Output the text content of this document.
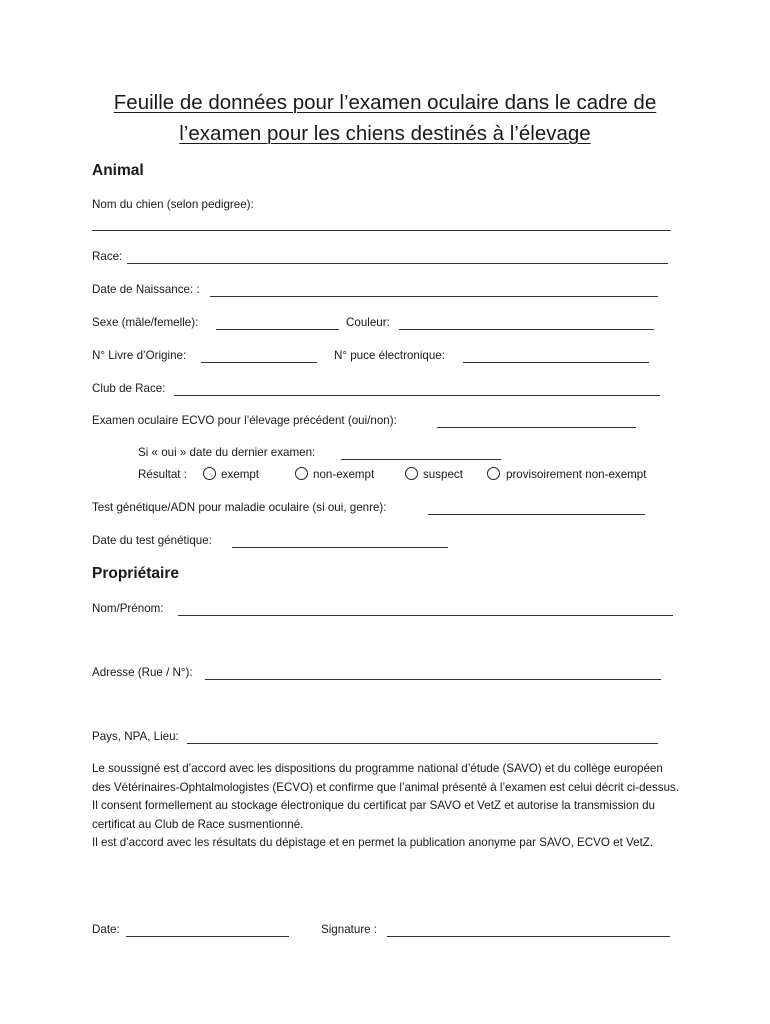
Feuille de données pour l’examen oculaire dans le cadre de
l’examen pour les chiens destinés à l’élevage
Animal
Nom du chien (selon pedigree):
Race:
Date de Naissance: :
Sexe (mâle/femelle):	Couleur:
N° Livre d’Origine:	N° puce électronique:
Club de Race:
Examen oculaire ECVO pour l’élevage précédent (oui/non):
Si « oui » date du dernier examen:
Résultat :	exempt	non-exempt	suspect	provisoirement non-exempt
Test génétique/ADN pour maladie oculaire (si oui, genre):
Date du test génétique:
Propriétaire
Nom/Prénom:
Adresse (Rue / N°):
Pays, NPA, Lieu:
Le soussigné est d’accord avec les dispositions du programme national d’étude (SAVO) et du collège européen des Vétérinaires-Ophtalmologistes (ECVO) et confirme que l’animal présenté à l’examen est celui décrit ci-dessus.
Il consent formellement au stockage électronique du certificat par SAVO et VetZ et autorise la transmission du certificat au Club de Race susmentionné.
Il est d’accord avec les résultats du dépistage et en permet la publication anonyme par SAVO, ECVO et VetZ.
Date:	Signature :
